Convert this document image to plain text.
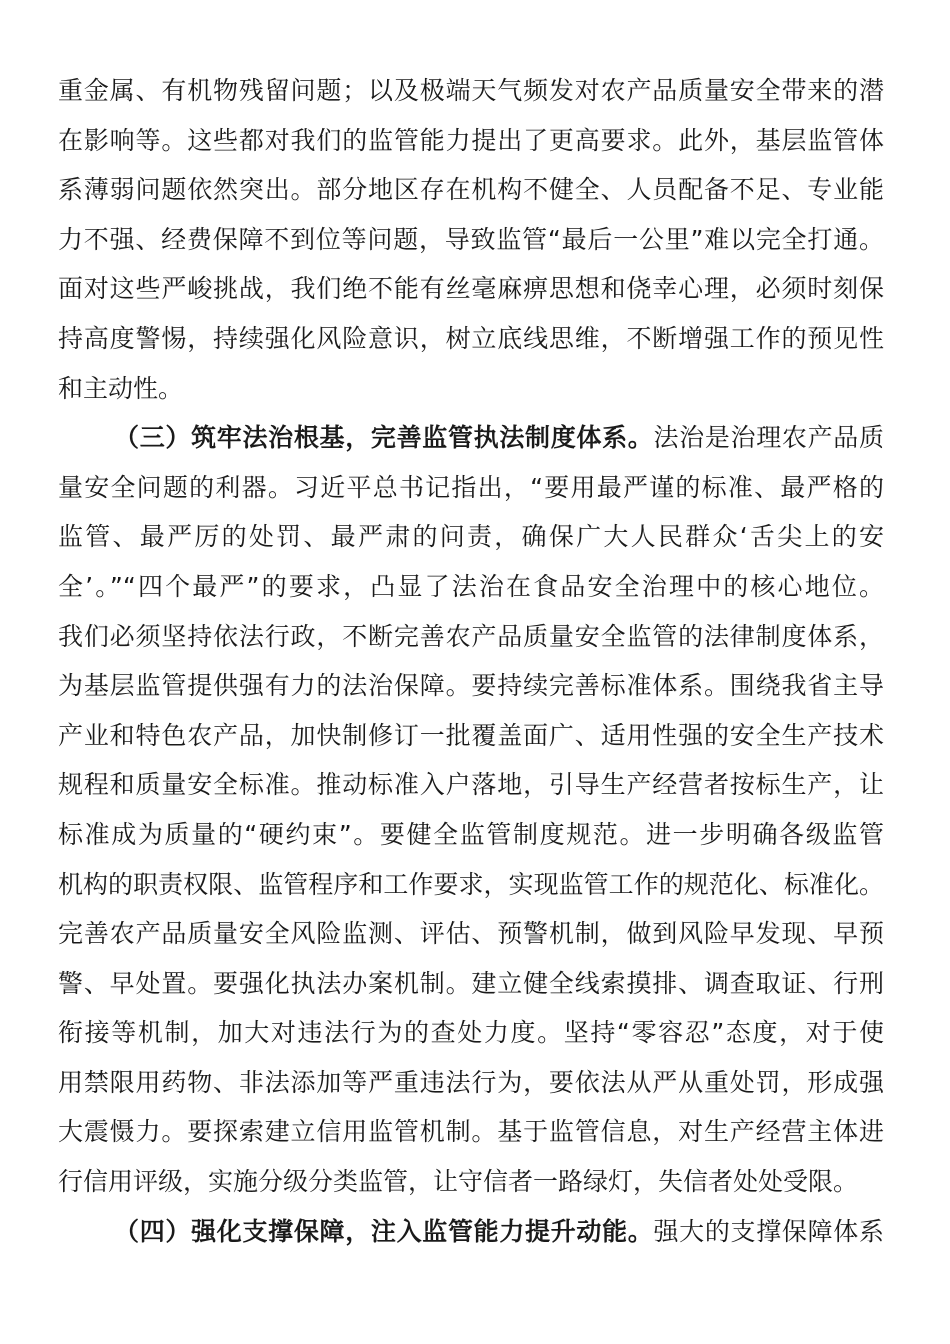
重金属、有机物残留问题；以及极端天气频发对农产品质量安全带来的潜
在影响等。这些都对我们的监管能力提出了更高要求。此外，基层监管体
系薄弱问题依然突出。部分地区存在机构不健全、人员配备不足、专业能
力不强、经费保障不到位等问题，导致监管“最后一公里”难以完全打通。
面对这些严峻挑战，我们绝不能有丝毫麻痹思想和侥幸心理，必须时刻保
持高度警惕，持续强化风险意识，树立底线思维，不断增强工作的预见性
和主动性。
（三）筑牢法治根基，完善监管执法制度体系。法治是治理农产品质
量安全问题的利器。习近平总书记指出，“要用最严谨的标准、最严格的
监管、最严厉的处罚、最严肃的问责，确保广大人民群众‘舌尖上的安
全’。”“四个最严”的要求，凸显了法治在食品安全治理中的核心地位。
我们必须坚持依法行政，不断完善农产品质量安全监管的法律制度体系，
为基层监管提供强有力的法治保障。要持续完善标准体系。围绕我省主导
产业和特色农产品，加快制修订一批覆盖面广、适用性强的安全生产技术
规程和质量安全标准。推动标准入户落地，引导生产经营者按标生产，让
标准成为质量的“硬约束”。要健全监管制度规范。进一步明确各级监管
机构的职责权限、监管程序和工作要求，实现监管工作的规范化、标准化。
完善农产品质量安全风险监测、评估、预警机制，做到风险早发现、早预
警、早处置。要强化执法办案机制。建立健全线索摸排、调查取证、行刑
衔接等机制，加大对违法行为的查处力度。坚持“零容忍”态度，对于使
用禁限用药物、非法添加等严重违法行为，要依法从严从重处罚，形成强
大震慑力。要探索建立信用监管机制。基于监管信息，对生产经营主体进
行信用评级，实施分级分类监管，让守信者一路绿灯，失信者处处受限。
（四）强化支撑保障，注入监管能力提升动能。强大的支撑保障体系
